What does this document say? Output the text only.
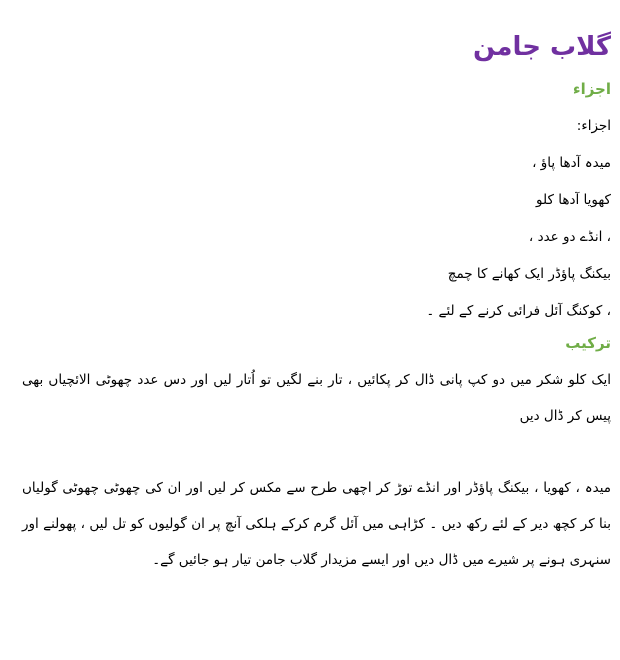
گلاب جامن
اجزاء

اجزاء:

میدہ آدھا پاؤ ،

کھویا آدھا کلو

، انڈے دو عدد ،

بیکنگ پاؤڈر ایک کھانے کا چمچ

، کوکنگ آئل فرائی کرنے کے لئے ۔

ترکیب

ایک کلو شکر میں دو کپ پانی ڈال کر پکائیں ، تار بنے لگیں تو اُتار لیں اور دس عدد چھوٹی الائچیاں بھی پیس کر ڈال دیں

میدہ ، کھویا ، بیکنگ پاؤڈر اور انڈے توڑ کر اچھی طرح سے مکس کر لیں اور ان کی چھوٹی چھوٹی گولیاں بنا کر کچھ دیر کے لئے رکھ دیں ۔ کڑاہی میں آئل گرم کرکے ہلکی آنچ پر ان گولیوں کو تل لیں ، پھولنے اور سنہری ہونے پر شیرے میں ڈال دیں اور ایسے مزیدار گلاب جامن تیار ہو جائیں گے۔
